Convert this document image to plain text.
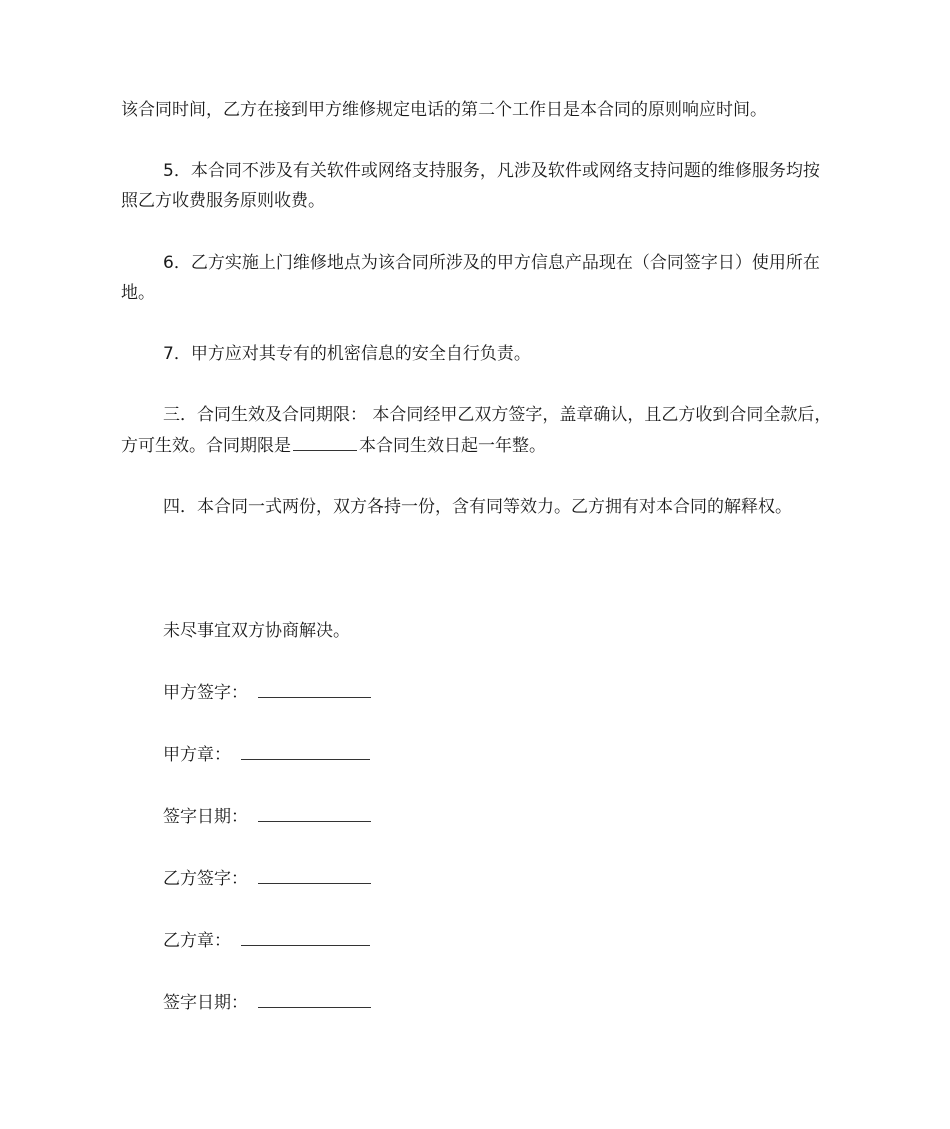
该合同时间，乙方在接到甲方维修规定电话的第二个工作日是本合同的原则响应时间。

5．本合同不涉及有关软件或网络支持服务，凡涉及软件或网络支持问题的维修服务均按照乙方收费服务原则收费。

6．乙方实施上门维修地点为该合同所涉及的甲方信息产品现在（合同签字日）使用所在地。

7．甲方应对其专有的机密信息的安全自行负责。

三．合同生效及合同期限： 本合同经甲乙双方签字，盖章确认，且乙方收到合同全款后，方可生效。合同期限是	本合同生效日起一年整。

四．本合同一式两份，双方各持一份，含有同等效力。乙方拥有对本合同的解释权。

未尽事宜双方协商解决。

甲方签字：
甲方章：
签字日期：
乙方签字：
乙方章：
签字日期：
